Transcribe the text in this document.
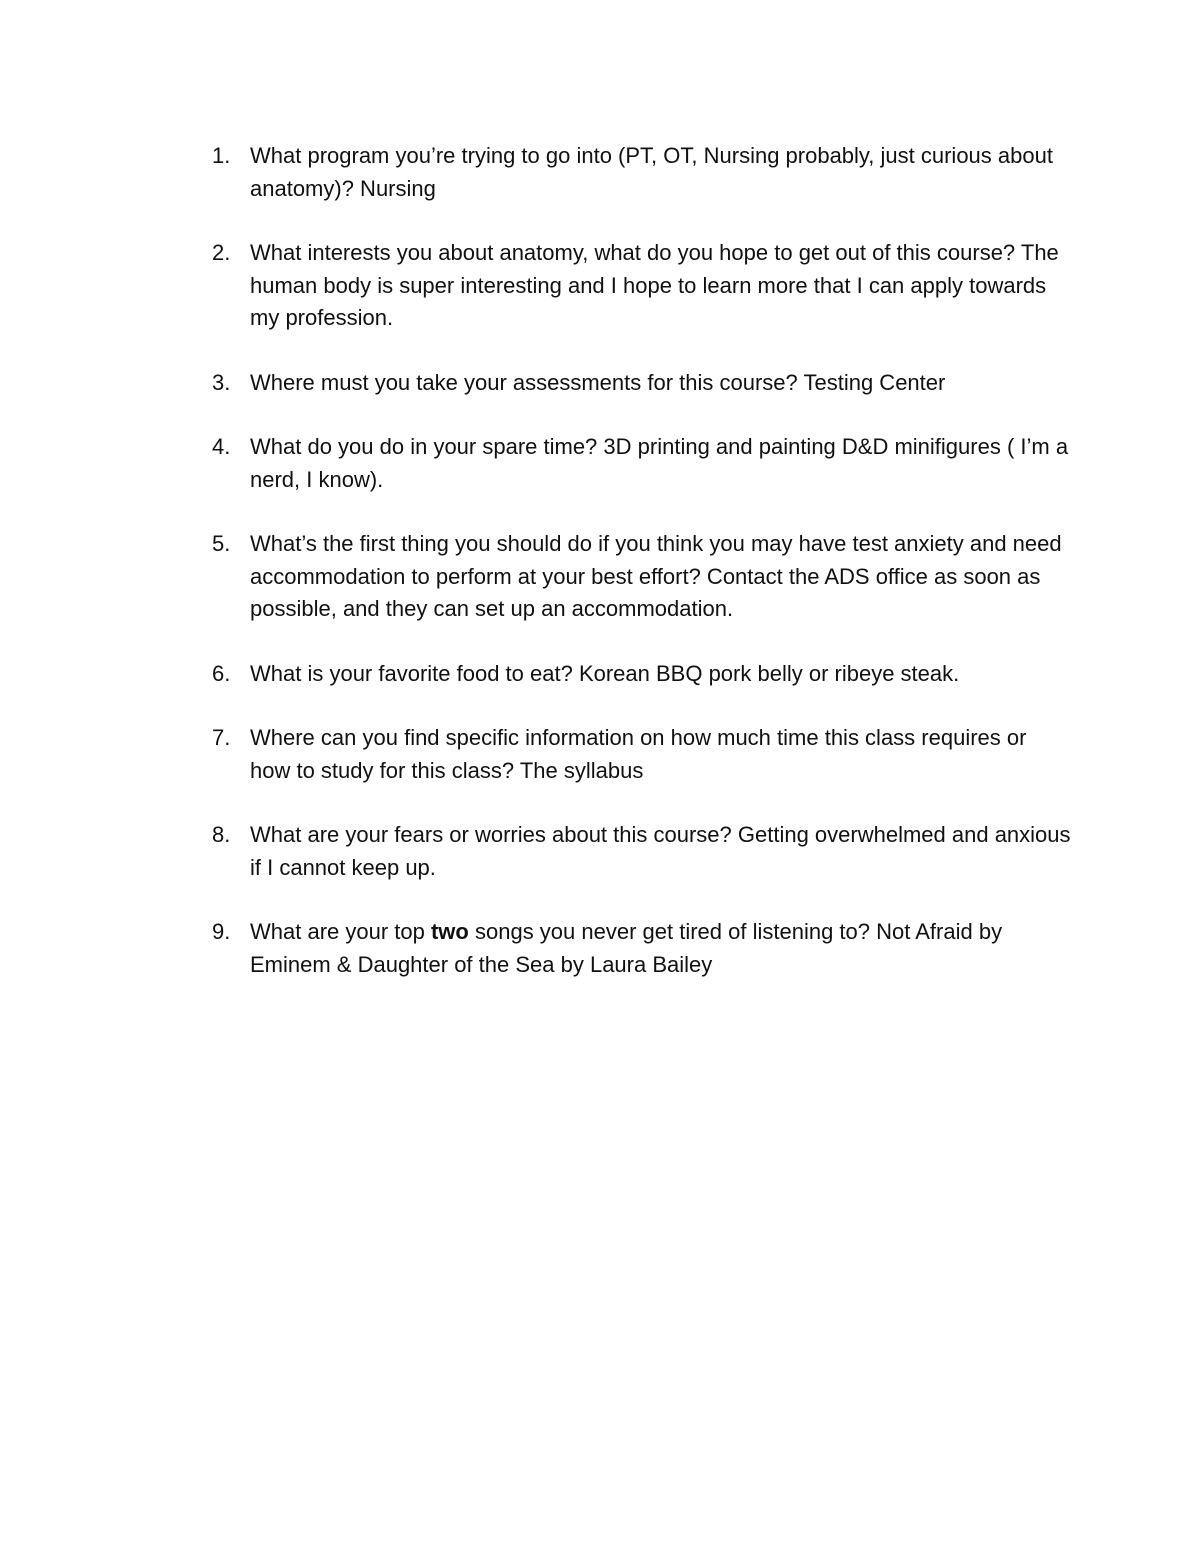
1. What program you’re trying to go into (PT, OT, Nursing probably, just curious about anatomy)? Nursing
2. What interests you about anatomy, what do you hope to get out of this course? The human body is super interesting and I hope to learn more that I can apply towards my profession.
3. Where must you take your assessments for this course? Testing Center
4. What do you do in your spare time? 3D printing and painting D&D minifigures ( I’m a nerd, I know).
5. What’s the first thing you should do if you think you may have test anxiety and need accommodation to perform at your best effort? Contact the ADS office as soon as possible, and they can set up an accommodation.
6. What is your favorite food to eat? Korean BBQ pork belly or ribeye steak.
7. Where can you find specific information on how much time this class requires or how to study for this class? The syllabus
8. What are your fears or worries about this course? Getting overwhelmed and anxious if I cannot keep up.
9. What are your top two songs you never get tired of listening to? Not Afraid by Eminem & Daughter of the Sea by Laura Bailey
